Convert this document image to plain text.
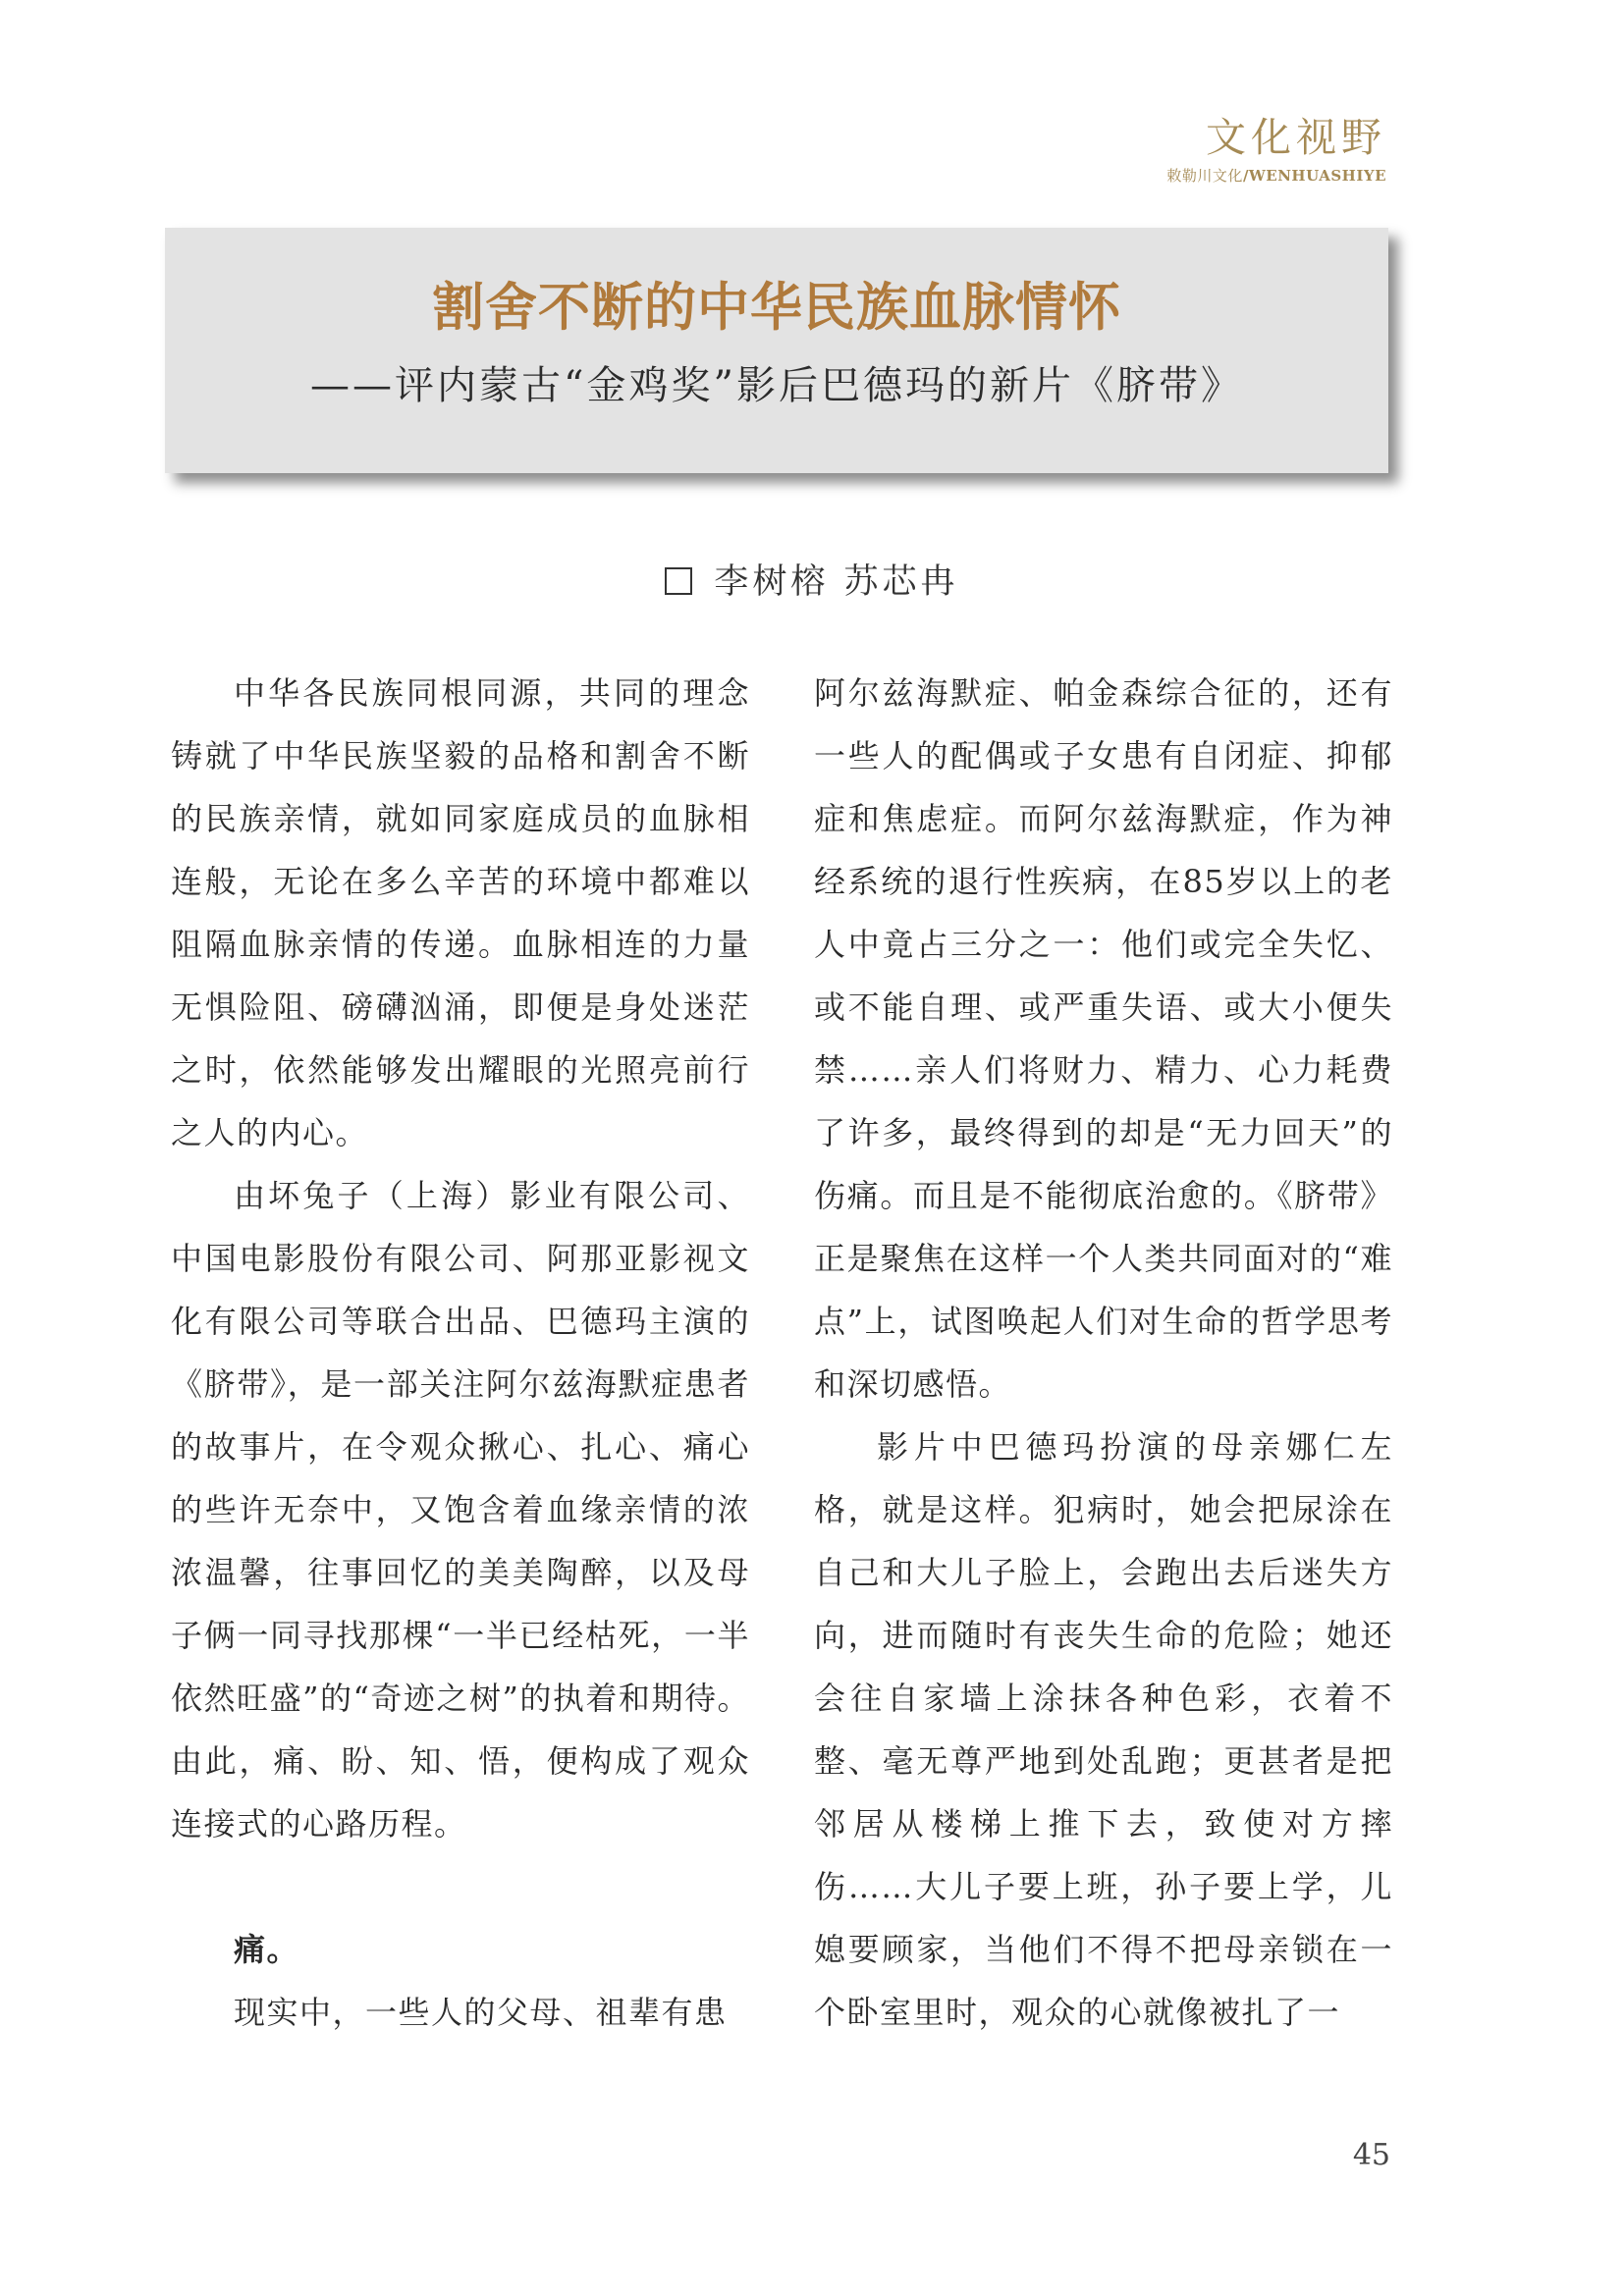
文化视野
敕勒川文化/WENHUASHIYE
割舍不断的中华民族血脉情怀
——评内蒙古“金鸡奖”影后巴德玛的新片《脐带》
李树榕 苏芯冉

中华各民族同根同源，共同的理念铸就了中华民族坚毅的品格和割舍不断的民族亲情，就如同家庭成员的血脉相连般，无论在多么辛苦的环境中都难以阻隔血脉亲情的传递。血脉相连的力量无惧险阻、磅礴汹涌，即便是身处迷茫之时，依然能够发出耀眼的光照亮前行之人的内心。

由坏兔子（上海）影业有限公司、中国电影股份有限公司、阿那亚影视文化有限公司等联合出品、巴德玛主演的《脐带》，是一部关注阿尔兹海默症患者的故事片，在令观众揪心、扎心、痛心的些许无奈中，又饱含着血缘亲情的浓浓温馨，往事回忆的美美陶醉，以及母子俩一同寻找那棵“一半已经枯死，一半依然旺盛”的“奇迹之树”的执着和期待。由此，痛、盼、知、悟，便构成了观众连接式的心路历程。

痛。

现实中，一些人的父母、祖辈有患

阿尔兹海默症、帕金森综合征的，还有一些人的配偶或子女患有自闭症、抑郁症和焦虑症。而阿尔兹海默症，作为神经系统的退行性疾病，在85岁以上的老人中竟占三分之一：他们或完全失忆、或不能自理、或严重失语、或大小便失禁……亲人们将财力、精力、心力耗费了许多，最终得到的却是“无力回天”的伤痛。而且是不能彻底治愈的。《脐带》正是聚焦在这样一个人类共同面对的“难点”上，试图唤起人们对生命的哲学思考和深切感悟。

影片中巴德玛扮演的母亲娜仁左格，就是这样。犯病时，她会把尿涂在自己和大儿子脸上，会跑出去后迷失方向，进而随时有丧失生命的危险；她还会往自家墙上涂抹各种色彩，衣着不整、毫无尊严地到处乱跑；更甚者是把邻居从楼梯上推下去，致使对方摔伤……大儿子要上班，孙子要上学，儿媳要顾家，当他们不得不把母亲锁在一个卧室里时，观众的心就像被扎了一

45
